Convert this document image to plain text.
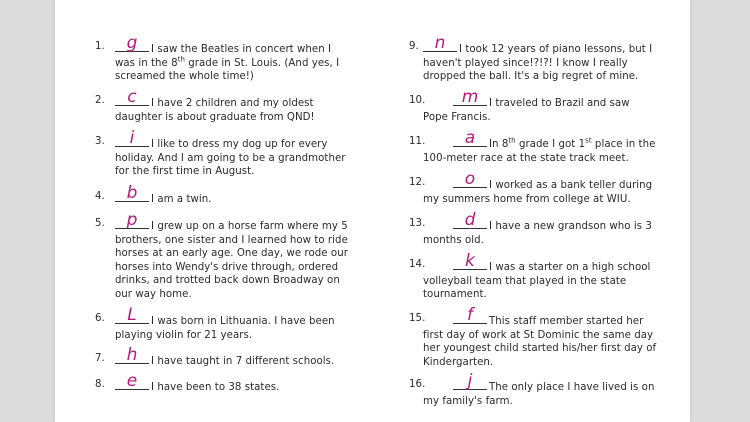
1.	g	I saw the Beatles in concert when I
was in the 8th grade in St. Louis. (And yes, I
screamed the whole time!)
2.	c	I have 2 children and my oldest
daughter is about graduate from QND!
3.	i	I like to dress my dog up for every
holiday. And I am going to be a grandmother
for the first time in August.
4.	b	I am a twin.
5.	p	I grew up on a horse farm where my 5
brothers, one sister and I learned how to ride
horses at an early age. One day, we rode our
horses into Wendy's drive through, ordered
drinks, and trotted back down Broadway on
our way home.
6.	L	I was born in Lithuania. I have been
playing violin for 21 years.
7.	h	I have taught in 7 different schools.
8.	e	I have been to 38 states.
9. n	I took 12 years of piano lessons, but I
haven't played since!?!?! I know I really
dropped the ball. It's a big regret of mine.
10.	m	I traveled to Brazil and saw
Pope Francis.
11.	a	In 8th grade I got 1st place in the
100-meter race at the state track meet.
12.	o	I worked as a bank teller during
my summers home from college at WIU.
13.	d	I have a new grandson who is 3
months old.
14.	k	I was a starter on a high school
volleyball team that played in the state
tournament.
15.	f	This staff member started her
first day of work at St Dominic the same day
her youngest child started his/her first day of
Kindergarten.
16.	j	The only place I have lived is on
my family's farm.
